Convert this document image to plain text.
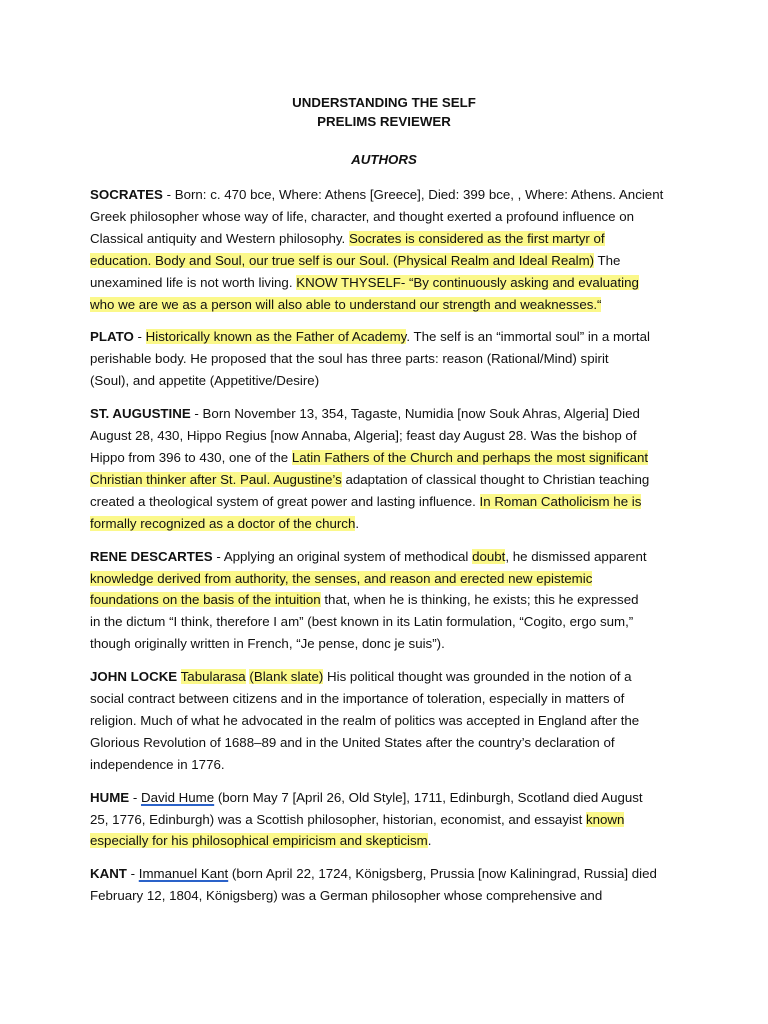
UNDERSTANDING THE SELF
PRELIMS REVIEWER
AUTHORS

SOCRATES - Born: c. 470 bce, Where: Athens [Greece], Died: 399 bce, , Where: Athens. Ancient
Greek philosopher whose way of life, character, and thought exerted a profound influence on
Classical antiquity and Western philosophy. Socrates is considered as the first martyr of
education. Body and Soul, our true self is our Soul. (Physical Realm and Ideal Realm) The
unexamined life is not worth living. KNOW THYSELF- “By continuously asking and evaluating
who we are we as a person will also able to understand our strength and weaknesses.“

PLATO - Historically known as the Father of Academy. The self is an “immortal soul” in a mortal
perishable body. He proposed that the soul has three parts: reason (Rational/Mind) spirit
(Soul), and appetite (Appetitive/Desire)

ST. AUGUSTINE - Born November 13, 354, Tagaste, Numidia [now Souk Ahras, Algeria] Died
August 28, 430, Hippo Regius [now Annaba, Algeria]; feast day August 28. Was the bishop of
Hippo from 396 to 430, one of the Latin Fathers of the Church and perhaps the most significant
Christian thinker after St. Paul. Augustine’s adaptation of classical thought to Christian teaching
created a theological system of great power and lasting influence. In Roman Catholicism he is
formally recognized as a doctor of the church.

RENE DESCARTES - Applying an original system of methodical doubt, he dismissed apparent
knowledge derived from authority, the senses, and reason and erected new epistemic
foundations on the basis of the intuition that, when he is thinking, he exists; this he expressed
in the dictum “I think, therefore I am” (best known in its Latin formulation, “Cogito, ergo sum,”
though originally written in French, “Je pense, donc je suis”).

JOHN LOCKE Tabularasa (Blank slate) His political thought was grounded in the notion of a
social contract between citizens and in the importance of toleration, especially in matters of
religion. Much of what he advocated in the realm of politics was accepted in England after the
Glorious Revolution of 1688–89 and in the United States after the country’s declaration of
independence in 1776.

HUME - David Hume (born May 7 [April 26, Old Style], 1711, Edinburgh, Scotland died August
25, 1776, Edinburgh) was a Scottish philosopher, historian, economist, and essayist known
especially for his philosophical empiricism and skepticism.

KANT - Immanuel Kant (born April 22, 1724, Königsberg, Prussia [now Kaliningrad, Russia] died
February 12, 1804, Königsberg) was a German philosopher whose comprehensive and
